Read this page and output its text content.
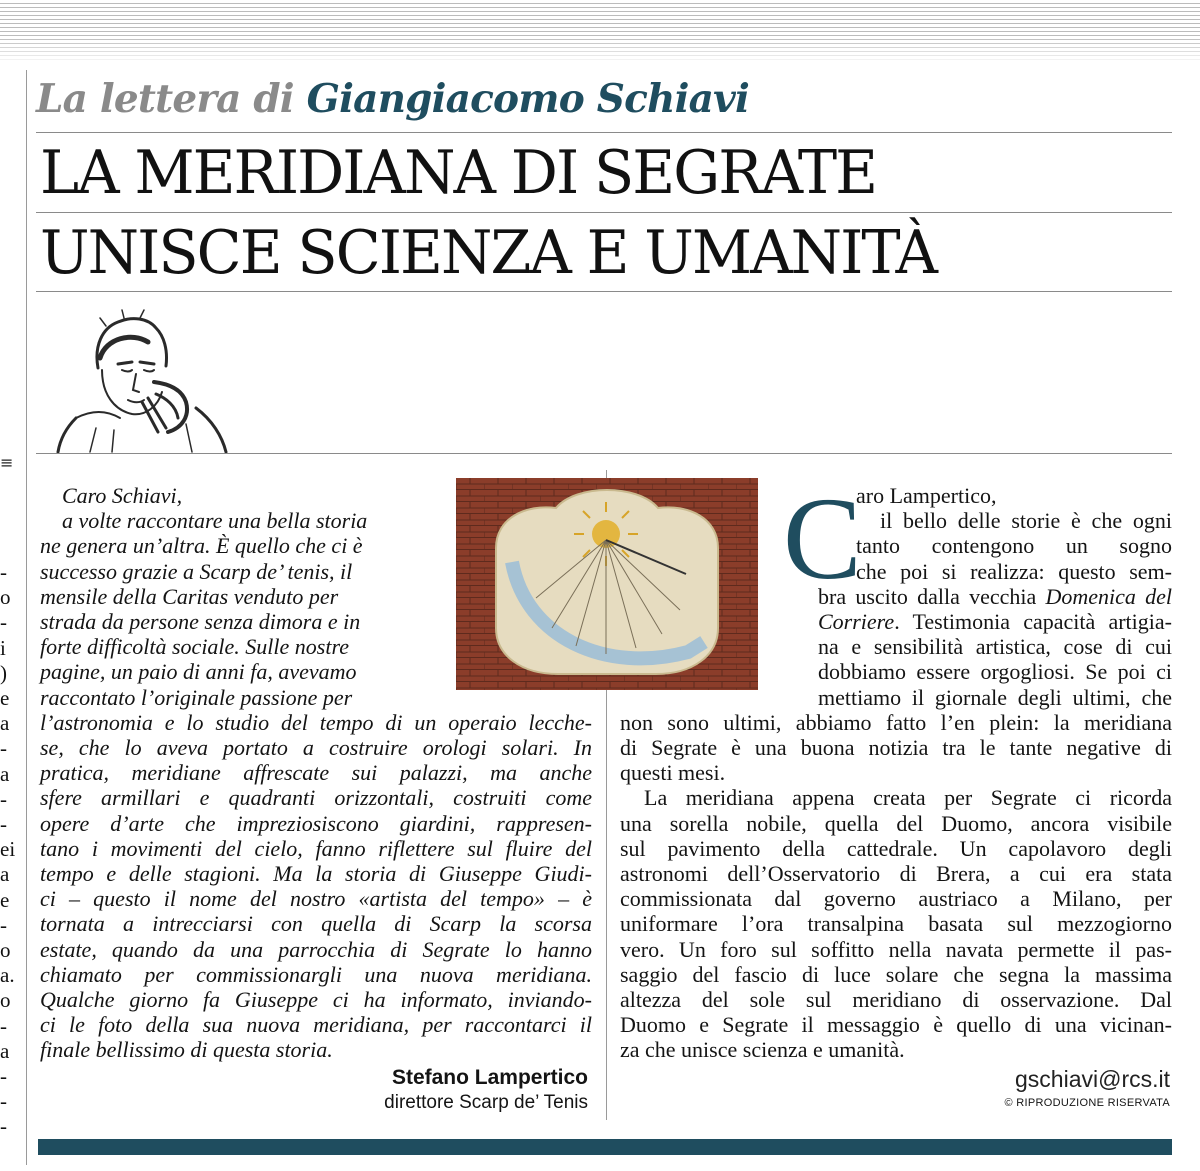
≡
-
o
-
i
)
e
a
-
a
-
-
ei
a
e
-
o
a.
o
-
a
-
-
-
La lettera di Giangiacomo Schiavi
LA MERIDIANA DI SEGRATE
UNISCE SCIENZA E UMANITÀ
Caro Schiavi,
a volte raccontare una bella storia
ne genera un’altra. È quello che ci è
successo grazie a Scarp de’ tenis, il
mensile della Caritas venduto per
strada da persone senza dimora e in
forte difficoltà sociale. Sulle nostre
pagine, un paio di anni fa, avevamo
raccontato l’originale passione per
l’astronomia e lo studio del tempo di un operaio lecche-
se, che lo aveva portato a costruire orologi solari. In
pratica, meridiane affrescate sui palazzi, ma anche
sfere armillari e quadranti orizzontali, costruiti come
opere d’arte che impreziosiscono giardini, rappresen-
tano i movimenti del cielo, fanno riflettere sul fluire del
tempo e delle stagioni. Ma la storia di Giuseppe Giudi-
ci – questo il nome del nostro «artista del tempo» – è
tornata a intrecciarsi con quella di Scarp la scorsa
estate, quando da una parrocchia di Segrate lo hanno
chiamato per commissionargli una nuova meridiana.
Qualche giorno fa Giuseppe ci ha informato, inviando-
ci le foto della sua nuova meridiana, per raccontarci il
finale bellissimo di questa storia.
C
aro Lampertico,
il bello delle storie è che ogni
tanto contengono un sogno
che poi si realizza: questo sem-
bra uscito dalla vecchia Domenica del
Corriere. Testimonia capacità artigia-
na e sensibilità artistica, cose di cui
dobbiamo essere orgogliosi. Se poi ci
mettiamo il giornale degli ultimi, che
non sono ultimi, abbiamo fatto l’en plein: la meridiana
di Segrate è una buona notizia tra le tante negative di
questi mesi.
La meridiana appena creata per Segrate ci ricorda
una sorella nobile, quella del Duomo, ancora visibile
sul pavimento della cattedrale. Un capolavoro degli
astronomi dell’Osservatorio di Brera, a cui era stata
commissionata dal governo austriaco a Milano, per
uniformare l’ora transalpina basata sul mezzogiorno
vero. Un foro sul soffitto nella navata permette il pas-
saggio del fascio di luce solare che segna la massima
altezza del sole sul meridiano di osservazione. Dal
Duomo e Segrate il messaggio è quello di una vicinan-
za che unisce scienza e umanità.
Stefano Lampertico
direttore Scarp de’ Tenis
gschiavi@rcs.it
© RIPRODUZIONE RISERVATA
